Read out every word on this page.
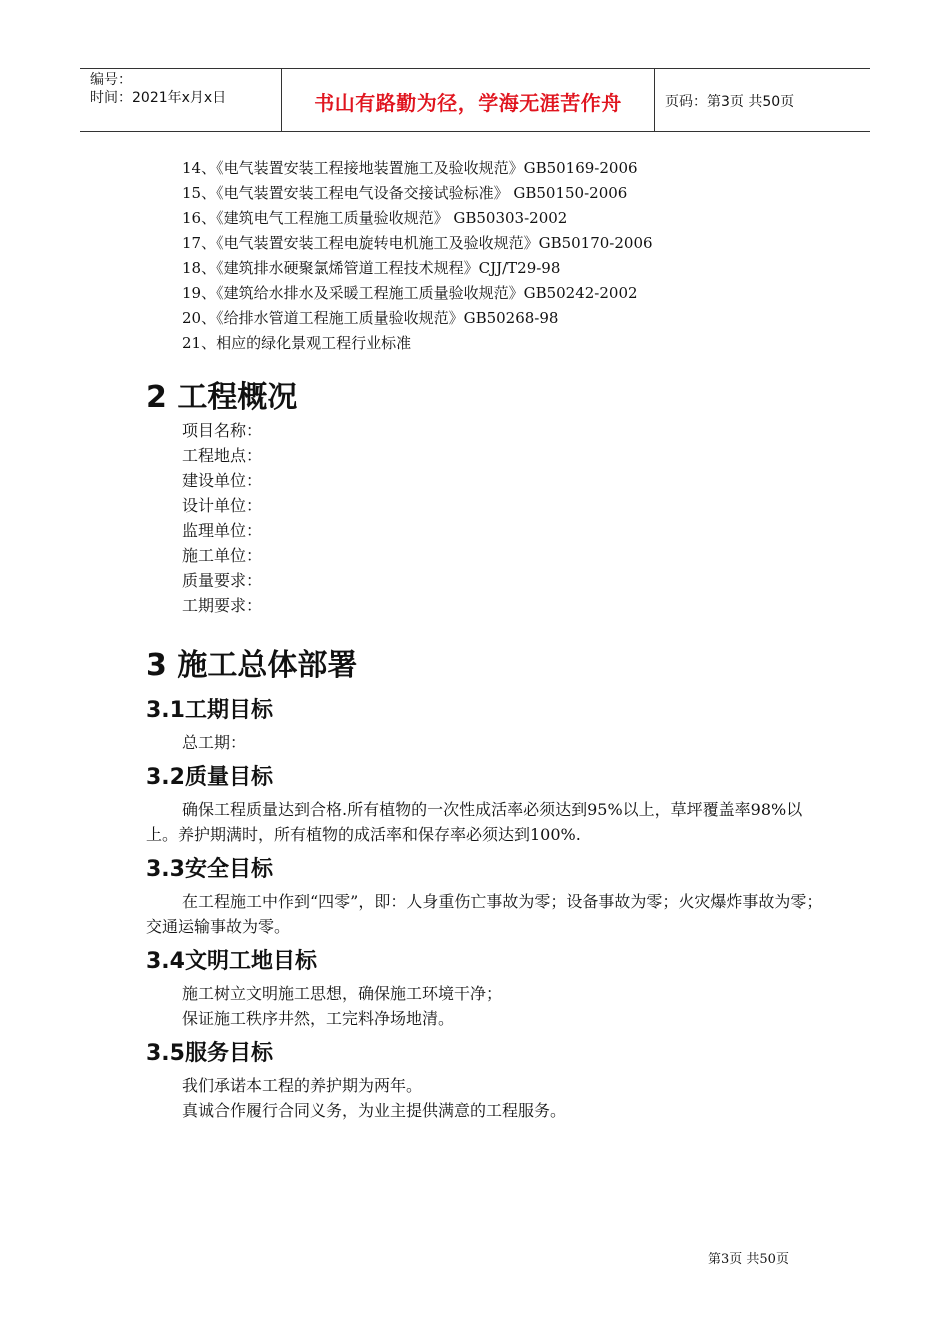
编号：
时间：2021年x月x日	书山有路勤为径，学海无涯苦作舟	页码：第3页 共50页
14、《电气装置安装工程接地装置施工及验收规范》GB50169-2006
15、《电气装置安装工程电气设备交接试验标准》 GB50150-2006
16、《建筑电气工程施工质量验收规范》 GB50303-2002
17、《电气装置安装工程电旋转电机施工及验收规范》GB50170-2006
18、《建筑排水硬聚氯烯管道工程技术规程》CJJ/T29-98
19、《建筑给水排水及采暖工程施工质量验收规范》GB50242-2002
20、《给排水管道工程施工质量验收规范》GB50268-98
21、相应的绿化景观工程行业标准
2 工程概况
项目名称：
工程地点：
建设单位：
设计单位：
监理单位：
施工单位：
质量要求：
工期要求：
3 施工总体部署
3.1工期目标
总工期：
3.2质量目标

确保工程质量达到合格.所有植物的一次性成活率必须达到95%以上，草坪覆盖率98%以上。养护期满时，所有植物的成活率和保存率必须达到100%.

3.3安全目标

在工程施工中作到“四零”，即：人身重伤亡事故为零；设备事故为零；火灾爆炸事故为零；交通运输事故为零。

3.4文明工地目标
施工树立文明施工思想，确保施工环境干净；
保证施工秩序井然，工完料净场地清。
3.5服务目标
我们承诺本工程的养护期为两年。
真诚合作履行合同义务，为业主提供满意的工程服务。
第3页 共50页
